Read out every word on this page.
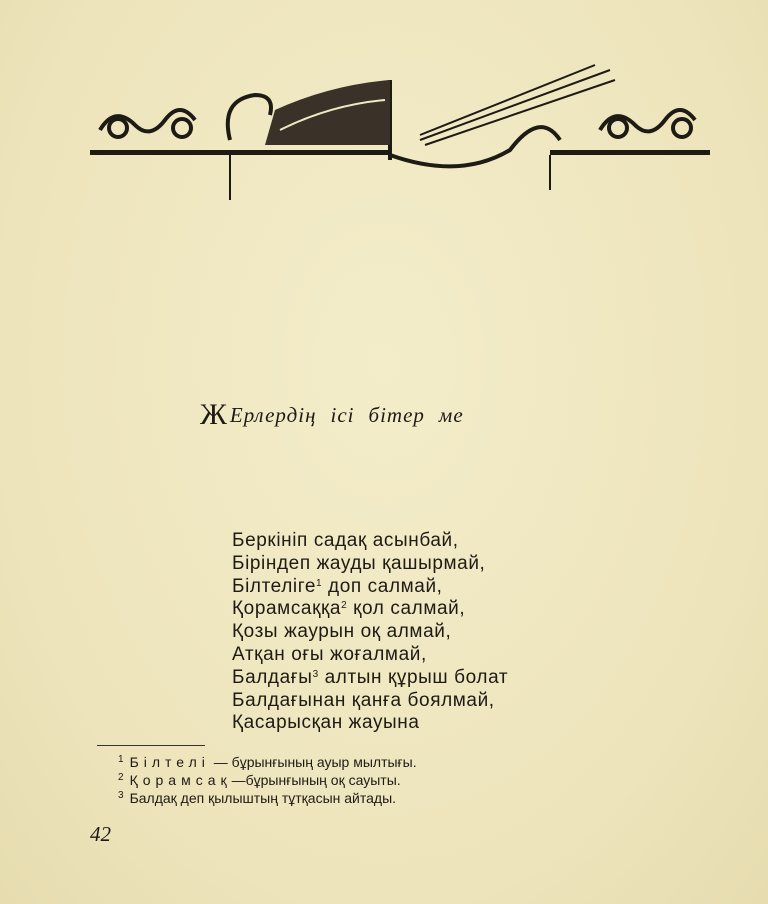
Ж Ерлердің ісі бітер ме
Беркініп садақ асынбай,
Біріндеп жауды қашырмай,
Білтеліге$^1$ доп салмай,
Қорамсаққа$^2$ қол салмай,
Қозы жаурын оқ алмай,
Атқан оғы жоғалмай,
Балдағы$^3$ алтын құрыш болат
Балдағынан қанға боялмай,
Қасарысқан жауына
$^1$ Білтелі — бұрынғының ауыр мылтығы.
$^2$ Қорамсақ—бұрынғының оқ сауыты.
$^3$ Балдақ деп қылыштың тұтқасын айтады.
42
